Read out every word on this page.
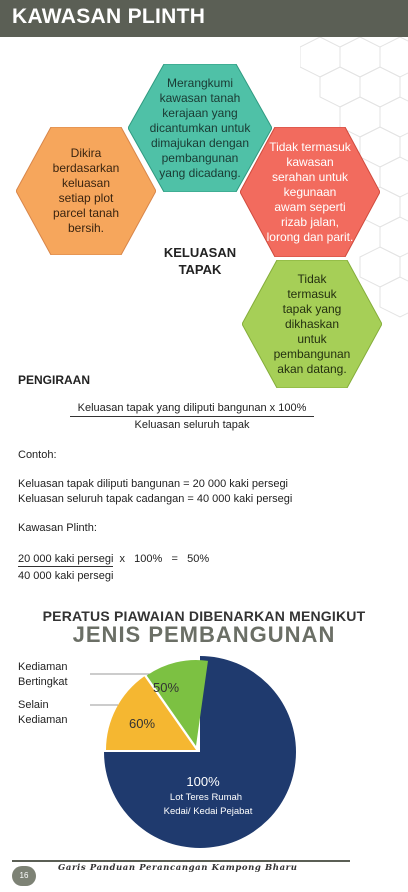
KAWASAN PLINTH
Merangkumi kawasan tanah kerajaan yang dicantumkan untuk dimajukan dengan pembangunan yang dicadang.
Dikira berdasarkan keluasan setiap plot parcel tanah bersih.
Tidak termasuk kawasan serahan untuk kegunaan awam seperti rizab jalan, lorong dan parit.
Tidak termasuk tapak yang dikhaskan untuk pembangunan akan datang.
KELUASAN TAPAK
PENGIRAAN
Keluasan tapak yang diliputi bangunan x 100%
Keluasan seluruh tapak
Contoh:
Keluasan tapak diliputi bangunan = 20 000 kaki persegi
Keluasan seluruh tapak cadangan = 40 000 kaki persegi
Kawasan Plinth:
20 000 kaki persegi  x   100%   =   50%
40 000 kaki persegi
PERATUS PIAWAIAN DIBENARKAN MENGIKUT
JENIS PEMBANGUNAN
Kediaman Bertingkat
Selain Kediaman
50%
60%
100%
Lot Teres Rumah
Kedai/ Kedai Pejabat
16
Garis Panduan Perancangan Kampong Bharu
